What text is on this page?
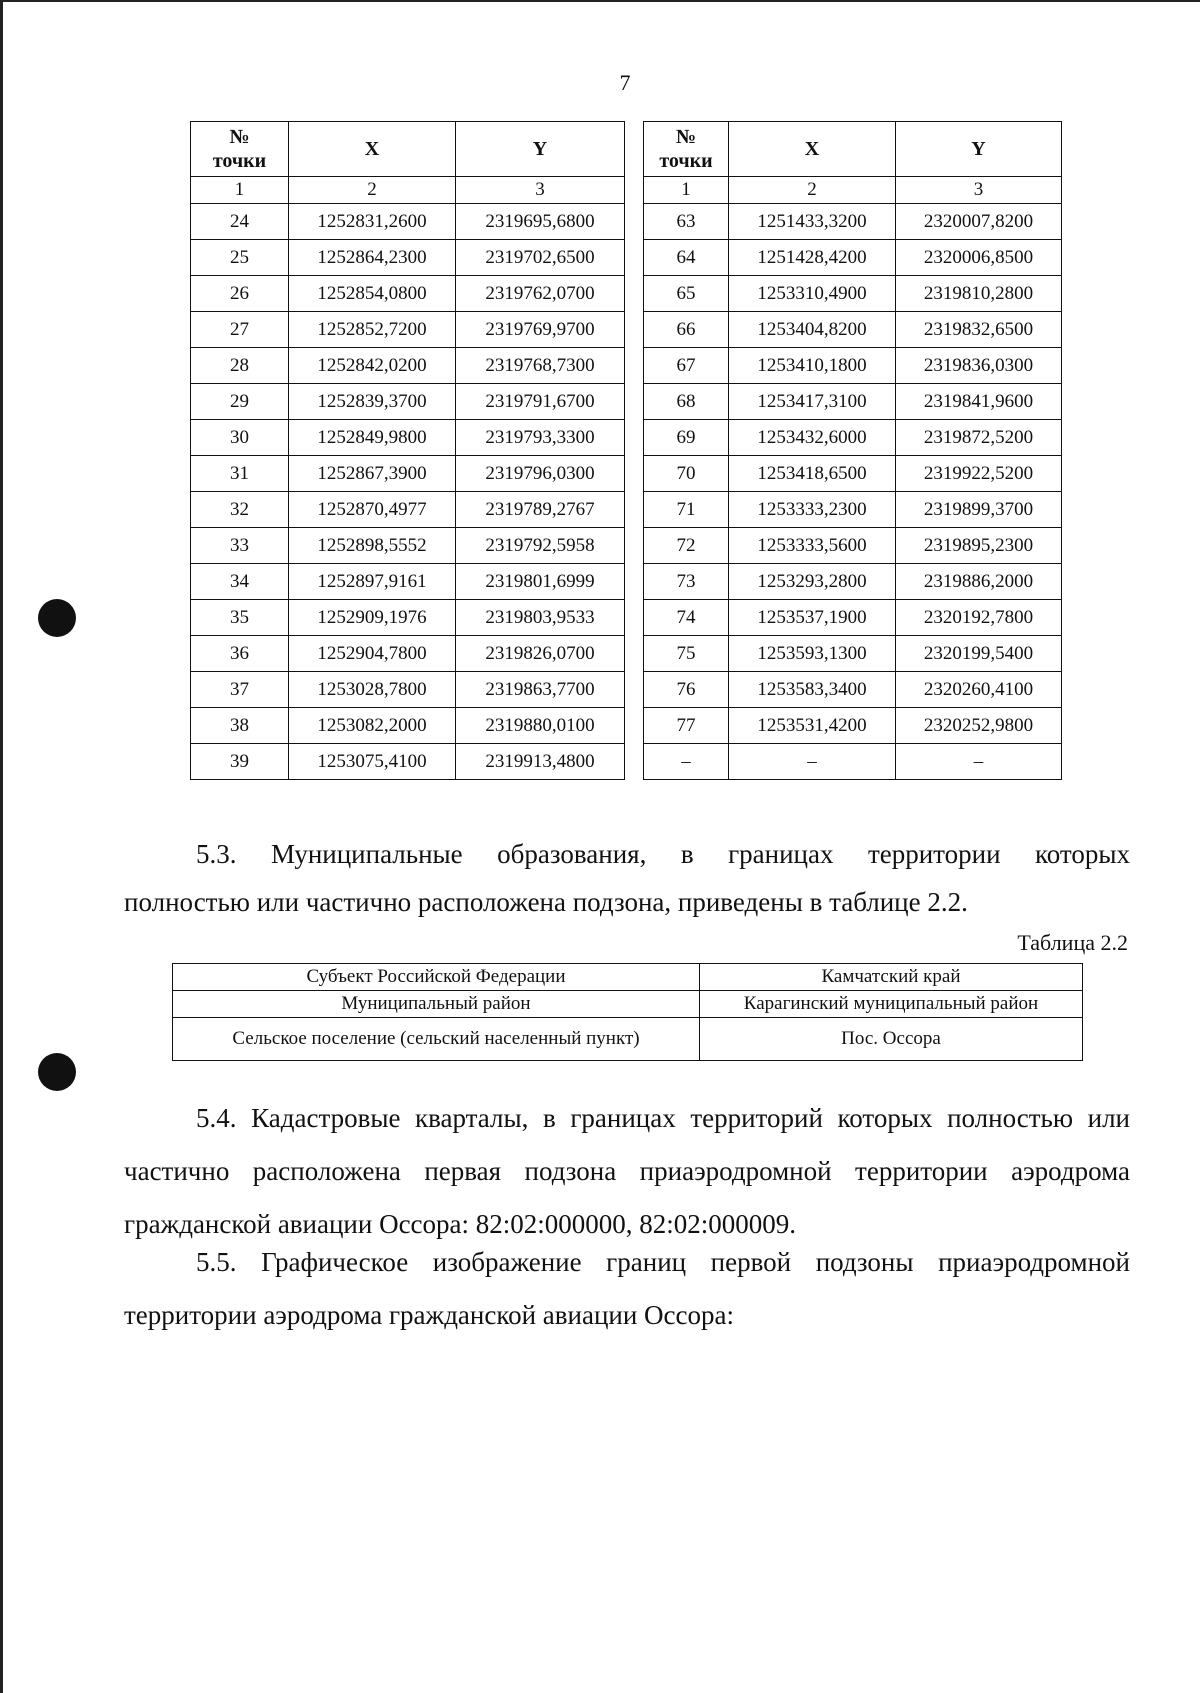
7
№
точки	X	Y
1	2	3
24	1252831,2600	2319695,6800
25	1252864,2300	2319702,6500
26	1252854,0800	2319762,0700
27	1252852,7200	2319769,9700
28	1252842,0200	2319768,7300
29	1252839,3700	2319791,6700
30	1252849,9800	2319793,3300
31	1252867,3900	2319796,0300
32	1252870,4977	2319789,2767
33	1252898,5552	2319792,5958
34	1252897,9161	2319801,6999
35	1252909,1976	2319803,9533
36	1252904,7800	2319826,0700
37	1253028,7800	2319863,7700
38	1253082,2000	2319880,0100
39	1253075,4100	2319913,4800
№
точки	X	Y
1	2	3
63	1251433,3200	2320007,8200
64	1251428,4200	2320006,8500
65	1253310,4900	2319810,2800
66	1253404,8200	2319832,6500
67	1253410,1800	2319836,0300
68	1253417,3100	2319841,9600
69	1253432,6000	2319872,5200
70	1253418,6500	2319922,5200
71	1253333,2300	2319899,3700
72	1253333,5600	2319895,2300
73	1253293,2800	2319886,2000
74	1253537,1900	2320192,7800
75	1253593,1300	2320199,5400
76	1253583,3400	2320260,4100
77	1253531,4200	2320252,9800
–	–	–
5.3. Муниципальные образования, в границах территории которых
полностью или частично расположена подзона, приведены в таблице 2.2.
Таблица 2.2
Субъект Российской Федерации	Камчатский край
Муниципальный район	Карагинский муниципальный район
Сельское поселение (сельский населенный пункт)	Пос. Оссора
5.4. Кадастровые кварталы, в границах территорий которых полностью или частично расположена первая подзона приаэродромной территории аэродрома гражданской авиации Оссора: 82:02:000000, 82:02:000009.
5.5. Графическое изображение границ первой подзоны приаэродромной территории аэродрома гражданской авиации Оссора:
